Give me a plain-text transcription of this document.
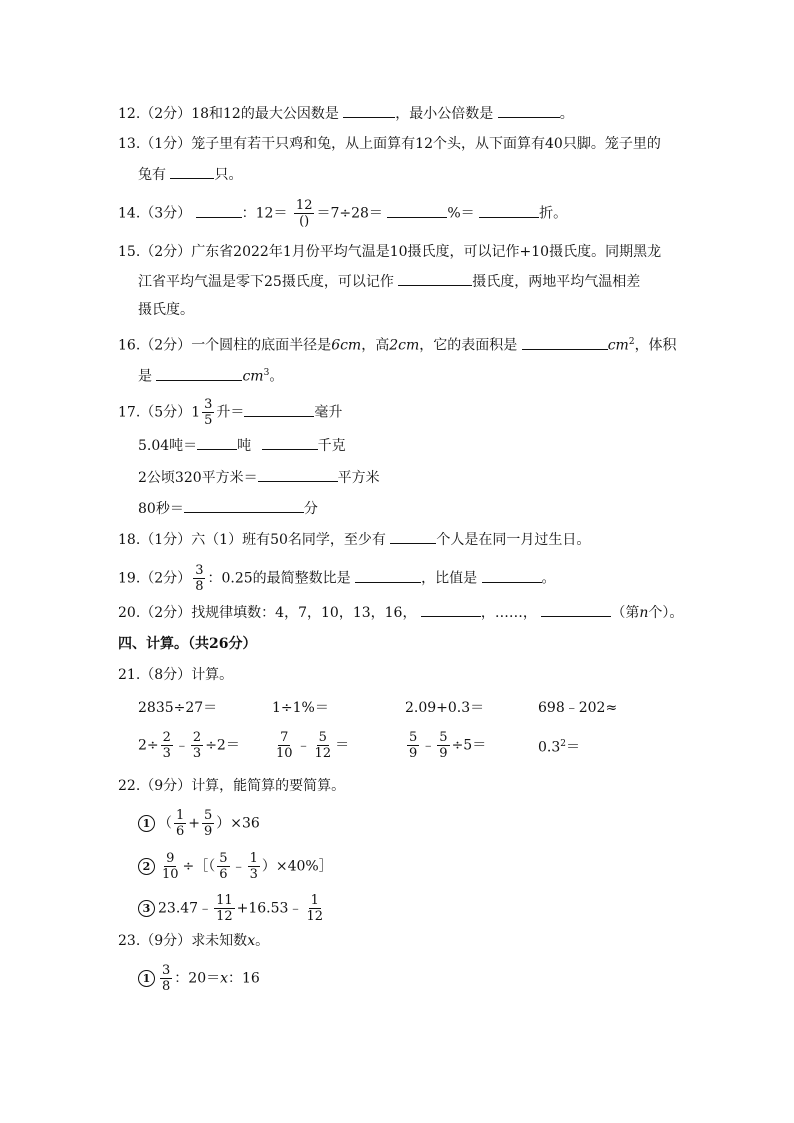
12.（2分）18和12的最大公因数是	，最小公倍数是	。
13.（1分）笼子里有若干只鸡和兔，从上面算有12个头，从下面算有40只脚。笼子里的
兔有	只。
14.（3分）	：$12= \frac{12}{()} =7\div 28=$	%＝	折。
15.（2分）广东省2022年1月份平均气温是10摄氏度，可以记作+10摄氏度。同期黑龙
江省平均气温是零下25摄氏度，可以记作	摄氏度，两地平均气温相差
摄氏度。
16.（2分）一个圆柱的底面半径是6cm，高2cm，它的表面积是	$cm^2$，体积
是	$cm^3$。
17.（5分）$1 \frac{3}{5}$ 升＝	毫升
5.04吨＝	吨	千克
2公顷320平方米＝	平方米
80秒＝	分
18.（1分）六（1）班有50名同学，至少有	个人是在同一月过生日。
19.（2分） $\frac{3}{8}$ ：0.25的最简整数比是	，比值是	。
20.（2分）找规律填数：4，7，10，13，16，	，……，	（第n个）。
四、计算。（共26分）
21.（8分）计算。
2835÷27＝	1÷1%＝	2.09+0.3＝	698﹣202≈
$2\div \frac{2}{3}$ ﹣ $\frac{2}{3} \div 2=$	$\frac{7}{10}$ ﹣ $\frac{5}{12}$ ＝	$\frac{5}{9}$ ﹣ $\frac{5}{9} \div 5=$	$0.3^2=$
22.（9分）计算，能简算的要简算。
1 （ $\frac{1}{6} + \frac{5}{9} )\times 36$
$2 \frac{9}{10}$ ÷［（ $\frac{5}{6}$ ﹣ $\frac{1}{3}$ ）×40%］
3 23.47﹣ $\frac{11}{12}$ +16.53﹣ $\frac{1}{12}$
23.（9分）求未知数x。
$1 \frac{3}{8}$ ：20＝x：16
